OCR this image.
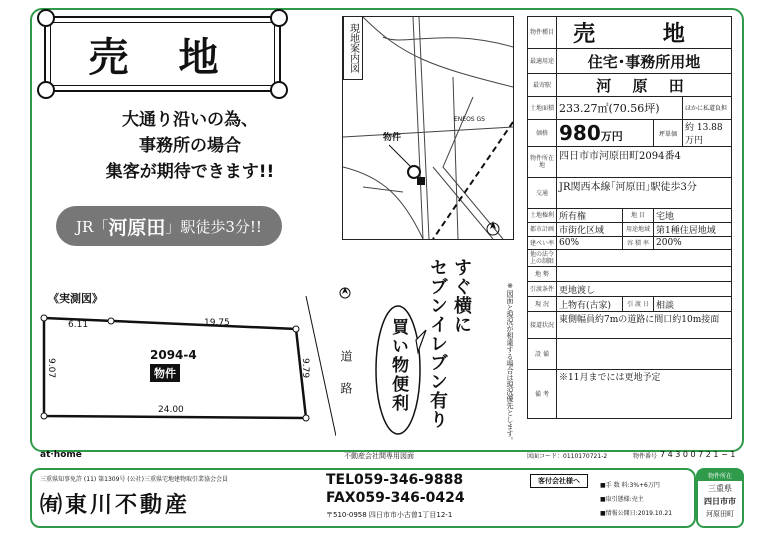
売 地
大通り沿いの為、
事務所の場合
集客が期待できます!!
JR「 河原田 」駅徒歩3分!!
《実測図》
6.11	19.75
9.07	9.79
24.00
2094-4
物件	道 路
すぐ横に
セブンイレブン有り
買い物便利
現地案内図
物件
ENEOS GS
※図面と現況が相違する場合は現況優先とします。
物件種目	売 地			
最適用途	住宅･事務所用地			
最寄駅	河 原 田			
土地面積	233.27㎡(70.56坪)			ほかに私道負担
価格	980万円		坪単価	約 13.88 万円
物件所在地	四日市市河原田町2094番4			
交通	JR関西本線｢河原田｣駅徒歩3分			
土地権利	所有権	地 目	宅地	
都市計画	市街化区域	用途地域	第1種住居地域	
建ぺい率	60%	容 積 率	200%	
他の法令上の制限				
地 勢				
引渡条件	更地渡し			
現 況	上物有(古家)	引 渡 日	相談	
接道状況	東側幅員約7mの道路に間口約10m接面			
設 備				
備 考	※11月までには更地予定			
at·home	不動産会社間専用図面	図面コード：0110170721-2	物件番号 7 4 3 0 0 7 2 1 − 1
三重県知事免許 (11) 第1309号 (公社)三重県宅地建物取引業協会会員
㈲東川不動産
TEL059-346-9888
FAX059-346-0424
〒510-0958 四日市市小古曽1丁目12-1
客付会社様へ
■手 数 料:3%+6万円
■取引態様:売主
■情報公開日:2019.10.21
物件所在
三重県
四日市市
河原田町
